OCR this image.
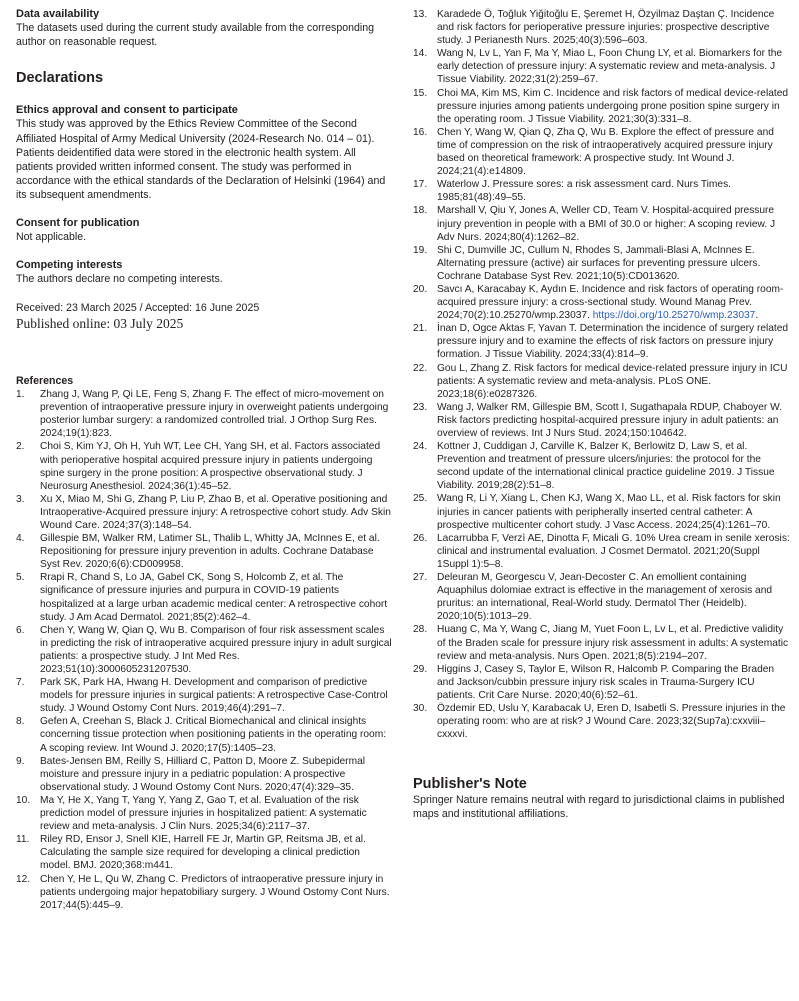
Data availability

The datasets used during the current study available from the corresponding author on reasonable request.

Declarations

Ethics approval and consent to participate

This study was approved by the Ethics Review Committee of the Second Affiliated Hospital of Army Medical University (2024-Research No. 014 – 01). Patients deidentified data were stored in the electronic health system. All patients provided written informed consent. The study was performed in accordance with the ethical standards of the Declaration of Helsinki (1964) and its subsequent amendments.

Consent for publication

Not applicable.

Competing interests

The authors declare no competing interests.

Received: 23 March 2025 / Accepted: 16 June 2025

Published online: 03 July 2025

References

1. Zhang J, Wang P, Qi LE, Feng S, Zhang F. The effect of micro-movement on prevention of intraoperative pressure injury in overweight patients undergoing posterior lumbar surgery: a randomized controlled trial. J Orthop Surg Res. 2024;19(1):823.
2. Choi S, Kim YJ, Oh H, Yuh WT, Lee CH, Yang SH, et al. Factors associated with perioperative hospital acquired pressure injury in patients undergoing spine surgery in the prone position: A prospective observational study. J Neurosurg Anesthesiol. 2024;36(1):45–52.
3. Xu X, Miao M, Shi G, Zhang P, Liu P, Zhao B, et al. Operative positioning and Intraoperative-Acquired pressure injury: A retrospective cohort study. Adv Skin Wound Care. 2024;37(3):148–54.
4. Gillespie BM, Walker RM, Latimer SL, Thalib L, Whitty JA, McInnes E, et al. Repositioning for pressure injury prevention in adults. Cochrane Database Syst Rev. 2020;6(6):CD009958.
5. Rrapi R, Chand S, Lo JA, Gabel CK, Song S, Holcomb Z, et al. The significance of pressure injuries and purpura in COVID-19 patients hospitalized at a large urban academic medical center: A retrospective cohort study. J Am Acad Dermatol. 2021;85(2):462–4.
6. Chen Y, Wang W, Qian Q, Wu B. Comparison of four risk assessment scales in predicting the risk of intraoperative acquired pressure injury in adult surgical patients: a prospective study. J Int Med Res. 2023;51(10):3000605231207530.
7. Park SK, Park HA, Hwang H. Development and comparison of predictive models for pressure injuries in surgical patients: A retrospective Case-Control study. J Wound Ostomy Cont Nurs. 2019;46(4):291–7.
8. Gefen A, Creehan S, Black J. Critical Biomechanical and clinical insights concerning tissue protection when positioning patients in the operating room: A scoping review. Int Wound J. 2020;17(5):1405–23.
9. Bates-Jensen BM, Reilly S, Hilliard C, Patton D, Moore Z. Subepidermal moisture and pressure injury in a pediatric population: A prospective observational study. J Wound Ostomy Cont Nurs. 2020;47(4):329–35.
10. Ma Y, He X, Yang T, Yang Y, Yang Z, Gao T, et al. Evaluation of the risk prediction model of pressure injuries in hospitalized patient: A systematic review and meta-analysis. J Clin Nurs. 2025;34(6):2117–37.
11. Riley RD, Ensor J, Snell KIE, Harrell FE Jr, Martin GP, Reitsma JB, et al. Calculating the sample size required for developing a clinical prediction model. BMJ. 2020;368:m441.
12. Chen Y, He L, Qu W, Zhang C. Predictors of intraoperative pressure injury in patients undergoing major hepatobiliary surgery. J Wound Ostomy Cont Nurs. 2017;44(5):445–9.
13. Karadede Ö, Toğluk Yiğitoğlu E, Şeremet H, Özyilmaz Daştan Ç. Incidence and risk factors for perioperative pressure injuries: prospective descriptive study. J Perianesth Nurs. 2025;40(3):596–603.
14. Wang N, Lv L, Yan F, Ma Y, Miao L, Foon Chung LY, et al. Biomarkers for the early detection of pressure injury: A systematic review and meta-analysis. J Tissue Viability. 2022;31(2):259–67.
15. Choi MA, Kim MS, Kim C. Incidence and risk factors of medical device-related pressure injuries among patients undergoing prone position spine surgery in the operating room. J Tissue Viability. 2021;30(3):331–8.
16. Chen Y, Wang W, Qian Q, Zha Q, Wu B. Explore the effect of pressure and time of compression on the risk of intraoperatively acquired pressure injury based on theoretical framework: A prospective study. Int Wound J. 2024;21(4):e14809.
17. Waterlow J. Pressure sores: a risk assessment card. Nurs Times. 1985;81(48):49–55.
18. Marshall V, Qiu Y, Jones A, Weller CD, Team V. Hospital-acquired pressure injury prevention in people with a BMI of 30.0 or higher: A scoping review. J Adv Nurs. 2024;80(4):1262–82.
19. Shi C, Dumville JC, Cullum N, Rhodes S, Jammali-Blasi A, McInnes E. Alternating pressure (active) air surfaces for preventing pressure ulcers. Cochrane Database Syst Rev. 2021;10(5):CD013620.
20. Savcı A, Karacabay K, Aydın E. Incidence and risk factors of operating room-acquired pressure injury: a cross-sectional study. Wound Manag Prev. 2024;70(2):10.25270/wmp.23037. https://doi.org/10.25270/wmp.23037.
21. İnan D, Ogce Aktas F, Yavan T. Determination the incidence of surgery related pressure injury and to examine the effects of risk factors on pressure injury formation. J Tissue Viability. 2024;33(4):814–9.
22. Gou L, Zhang Z. Risk factors for medical device-related pressure injury in ICU patients: A systematic review and meta-analysis. PLoS ONE. 2023;18(6):e0287326.
23. Wang J, Walker RM, Gillespie BM, Scott I, Sugathapala RDUP, Chaboyer W. Risk factors predicting hospital-acquired pressure injury in adult patients: an overview of reviews. Int J Nurs Stud. 2024;150:104642.
24. Kottner J, Cuddigan J, Carville K, Balzer K, Berlowitz D, Law S, et al. Prevention and treatment of pressure ulcers/injuries: the protocol for the second update of the international clinical practice guideline 2019. J Tissue Viability. 2019;28(2):51–8.
25. Wang R, Li Y, Xiang L, Chen KJ, Wang X, Mao LL, et al. Risk factors for skin injuries in cancer patients with peripherally inserted central catheter: A prospective multicenter cohort study. J Vasc Access. 2024;25(4):1261–70.
26. Lacarrubba F, Verzì AE, Dinotta F, Micali G. 10% Urea cream in senile xerosis: clinical and instrumental evaluation. J Cosmet Dermatol. 2021;20(Suppl 1Suppl 1):5–8.
27. Deleuran M, Georgescu V, Jean-Decoster C. An emollient containing Aquaphilus dolomiae extract is effective in the management of xerosis and pruritus: an international, Real-World study. Dermatol Ther (Heidelb). 2020;10(5):1013–29.
28. Huang C, Ma Y, Wang C, Jiang M, Yuet Foon L, Lv L, et al. Predictive validity of the Braden scale for pressure injury risk assessment in adults: A systematic review and meta-analysis. Nurs Open. 2021;8(5):2194–207.
29. Higgins J, Casey S, Taylor E, Wilson R, Halcomb P. Comparing the Braden and Jackson/cubbin pressure injury risk scales in Trauma-Surgery ICU patients. Crit Care Nurse. 2020;40(6):52–61.
30. Özdemir ED, Uslu Y, Karabacak U, Eren D, Isabetli S. Pressure injuries in the operating room: who are at risk? J Wound Care. 2023;32(Sup7a):cxxviii–cxxxvi.

Publisher's Note

Springer Nature remains neutral with regard to jurisdictional claims in published maps and institutional affiliations.
